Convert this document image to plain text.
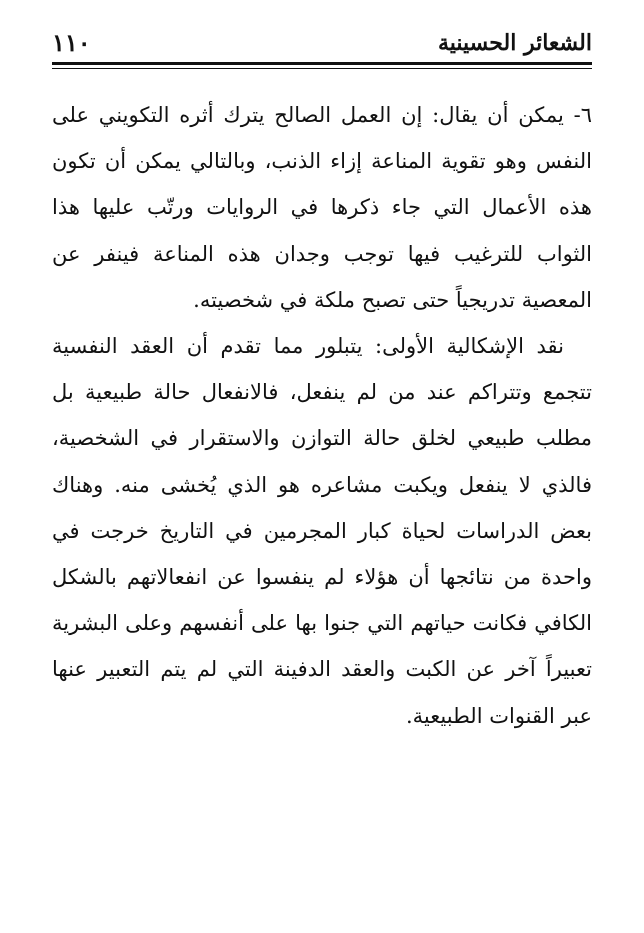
الشعائر الحسينية
١١٠

٦- يمكن أن يقال: إن العمل الصالح يترك أثره التكويني على النفس وهو تقوية المناعة إزاء الذنب، وبالتالي يمكن أن تكون هذه الأعمال التي جاء ذكرها في الروايات ورتّب عليها هذا الثواب للترغيب فيها توجب وجدان هذه المناعة فينفر عن المعصية تدريجياً حتى تصبح ملكة في شخصيته.

نقد الإشكالية الأولى: يتبلور مما تقدم أن العقد النفسية تتجمع وتتراكم عند من لم ينفعل، فالانفعال حالة طبيعية بل مطلب طبيعي لخلق حالة التوازن والاستقرار في الشخصية، فالذي لا ينفعل ويكبت مشاعره هو الذي يُخشى منه. وهناك بعض الدراسات لحياة كبار المجرمين في التاريخ خرجت في واحدة من نتائجها أن هؤلاء لم ينفسوا عن انفعالاتهم بالشكل الكافي فكانت حياتهم التي جنوا بها على أنفسهم وعلى البشرية تعبيراً آخر عن الكبت والعقد الدفينة التي لم يتم التعبير عنها عبر القنوات الطبيعية.
